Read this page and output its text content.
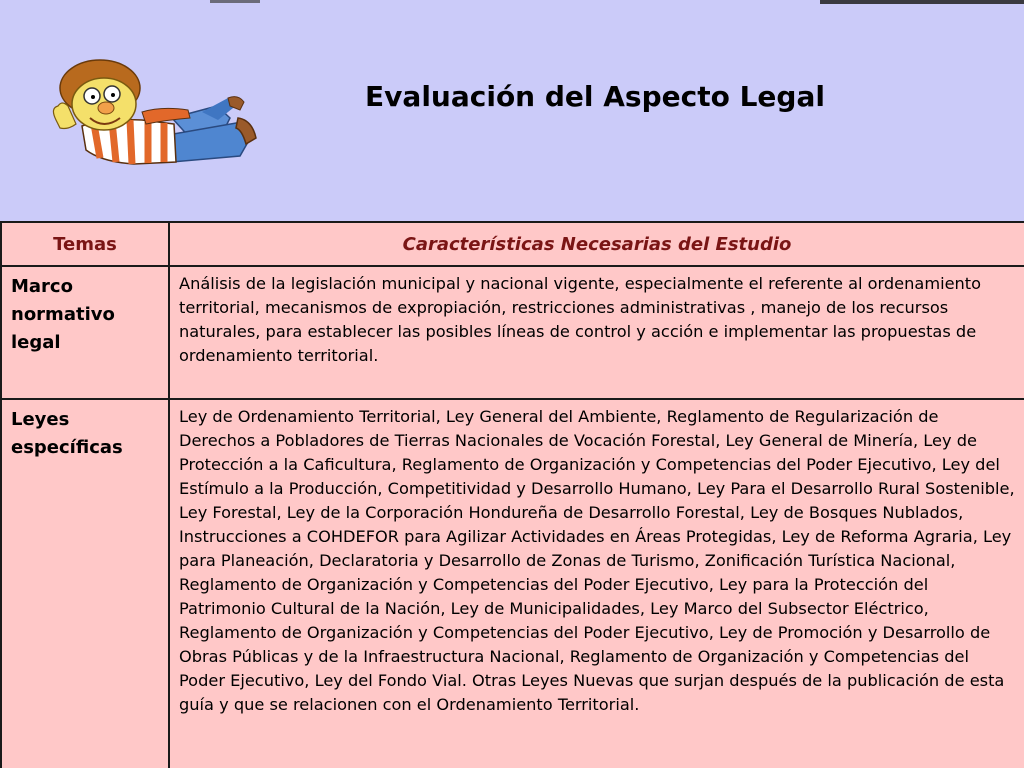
Evaluación del Aspecto Legal
Temas	Características Necesarias del Estudio
Marco normativo legal	Análisis de la legislación municipal y nacional vigente, especialmente el referente al ordenamiento territorial, mecanismos de expropiación, restricciones administrativas , manejo de los recursos naturales, para establecer las posibles líneas de control y acción e implementar las propuestas de ordenamiento territorial.
Leyes específicas	Ley de Ordenamiento Territorial, Ley General del Ambiente, Reglamento de Regularización de Derechos a Pobladores de Tierras Nacionales de Vocación Forestal, Ley General de Minería, Ley de Protección a la Caficultura, Reglamento de Organización y Competencias del Poder Ejecutivo, Ley del Estímulo a la Producción, Competitividad y Desarrollo Humano, Ley Para el Desarrollo Rural Sostenible, Ley Forestal, Ley de la Corporación Hondureña de Desarrollo Forestal, Ley de Bosques Nublados, Instrucciones a COHDEFOR para Agilizar Actividades en Áreas Protegidas, Ley de Reforma Agraria, Ley para Planeación, Declaratoria y Desarrollo de Zonas de Turismo, Zonificación Turística Nacional, Reglamento de Organización y Competencias del Poder Ejecutivo, Ley para la Protección del Patrimonio Cultural de la Nación, Ley de Municipalidades, Ley Marco del Subsector Eléctrico, Reglamento de Organización y Competencias del Poder Ejecutivo, Ley de Promoción y Desarrollo de Obras Públicas y de la Infraestructura Nacional, Reglamento de Organización y Competencias del Poder Ejecutivo, Ley del Fondo Vial. Otras Leyes Nuevas que surjan después de la publicación de esta guía y que se relacionen con el Ordenamiento Territorial.
